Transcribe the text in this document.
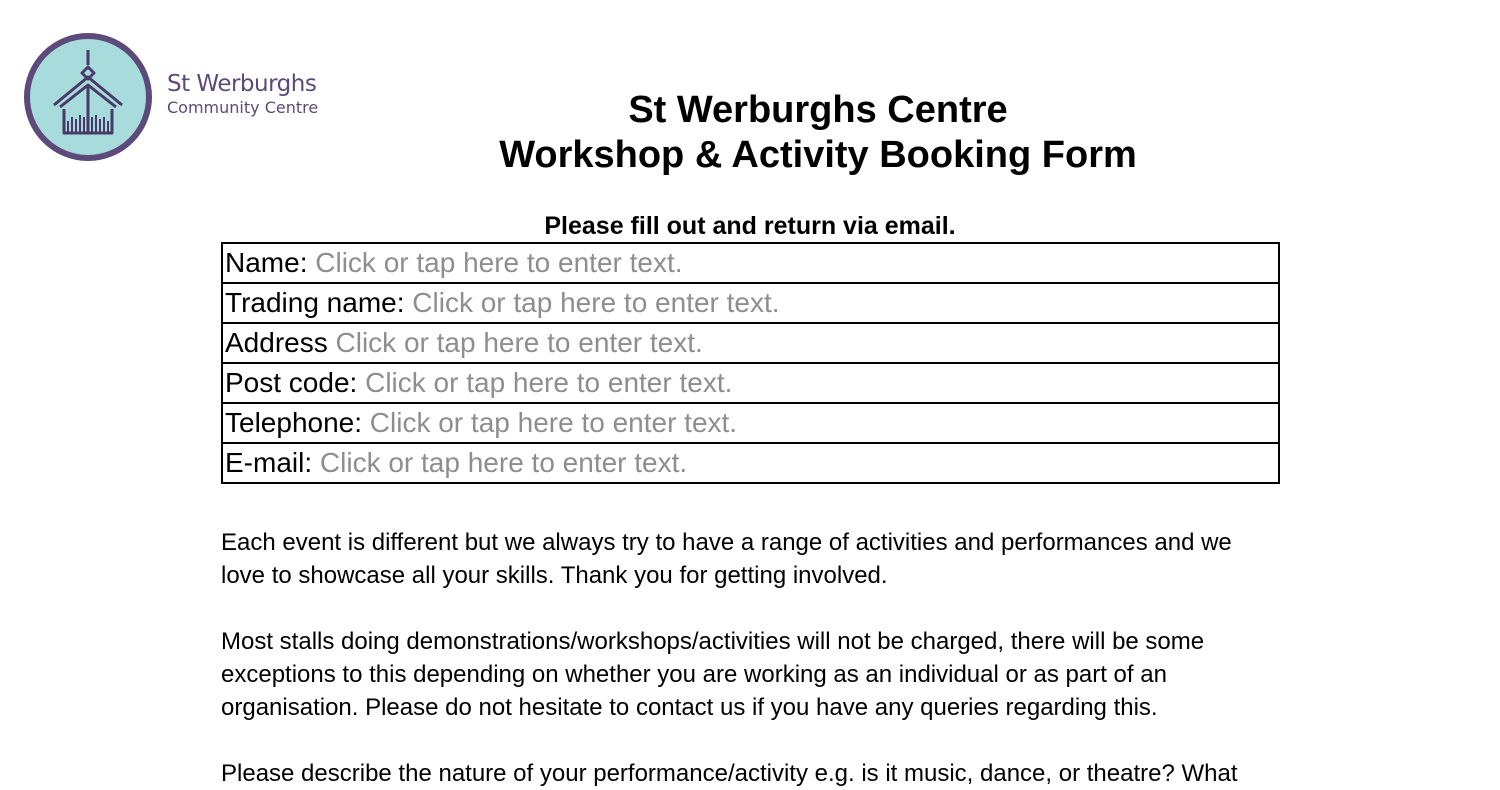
St Werburghs
Community Centre	St Werburghs Centre
Workshop & Activity Booking Form
Please fill out and return via email.
Name: Click or tap here to enter text.
Trading name: Click or tap here to enter text.
Address Click or tap here to enter text.
Post code: Click or tap here to enter text.
Telephone: Click or tap here to enter text.
E-mail: Click or tap here to enter text.

Each event is different but we always try to have a range of activities and performances and we
love to showcase all your skills. Thank you for getting involved.

Most stalls doing demonstrations/workshops/activities will not be charged, there will be some
exceptions to this depending on whether you are working as an individual or as part of an
organisation. Please do not hesitate to contact us if you have any queries regarding this.

Please describe the nature of your performance/activity e.g. is it music, dance, or theatre? What
